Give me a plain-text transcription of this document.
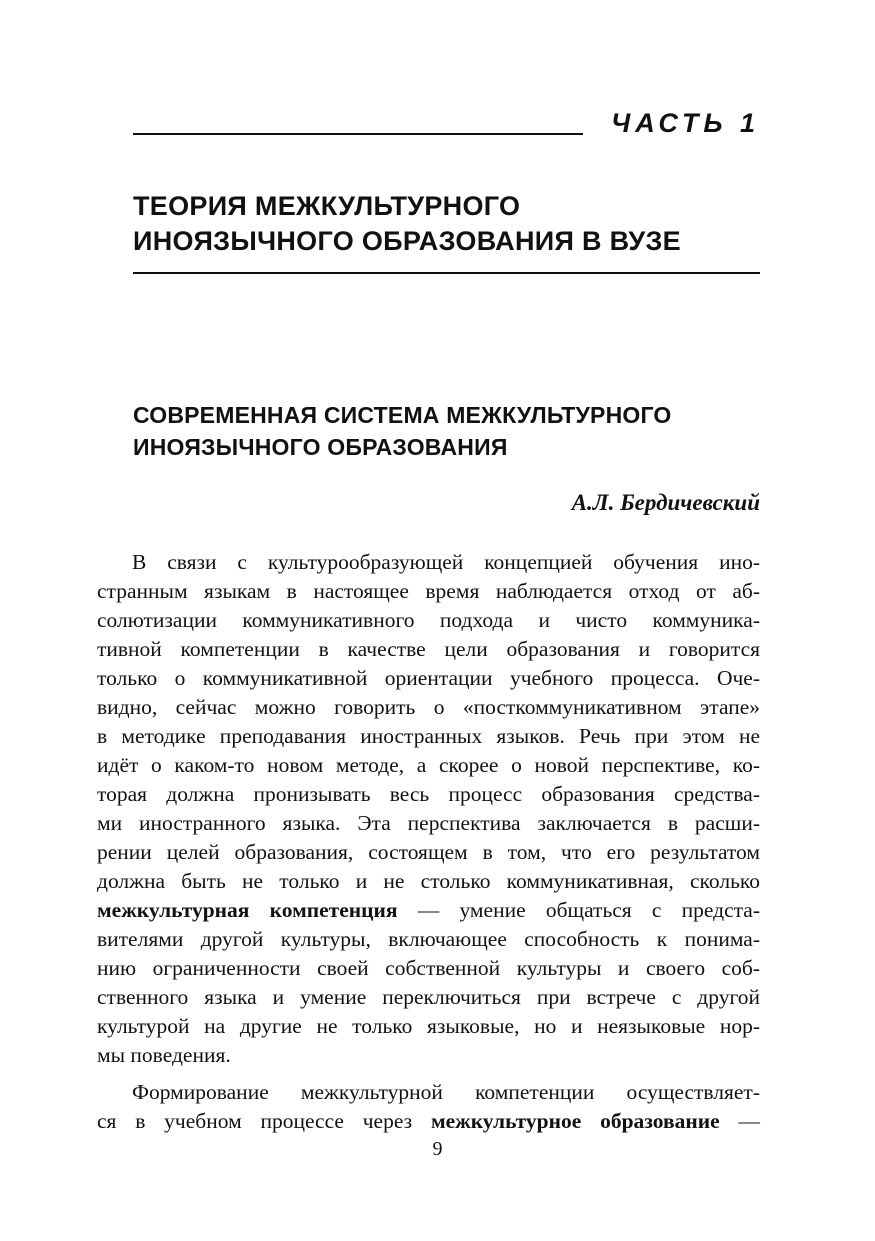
ЧАСТЬ 1
ТЕОРИЯ МЕЖКУЛЬТУРНОГО
ИНОЯЗЫЧНОГО ОБРАЗОВАНИЯ В ВУЗЕ
СОВРЕМЕННАЯ СИСТЕМА МЕЖКУЛЬТУРНОГО
ИНОЯЗЫЧНОГО ОБРАЗОВАНИЯ
А.Л. Бердичевский
В связи с культурообразующей концепцией обучения ино-
странным языкам в настоящее время наблюдается отход от аб-
солютизации коммуникативного подхода и чисто коммуника-
тивной компетенции в качестве цели образования и говорится
только о коммуникативной ориентации учебного процесса. Оче-
видно, сейчас можно говорить о «посткоммуникативном этапе»
в методике преподавания иностранных языков. Речь при этом не
идёт о каком-то новом методе, а скорее о новой перспективе, ко-
торая должна пронизывать весь процесс образования средства-
ми иностранного языка. Эта перспектива заключается в расши-
рении целей образования, состоящем в том, что его результатом
должна быть не только и не столько коммуникативная, сколько
межкультурная компетенция — умение общаться с предста-
вителями другой культуры, включающее способность к понима-
нию ограниченности своей собственной культуры и своего соб-
ственного языка и умение переключиться при встрече с другой
культурой на другие не только языковые, но и неязыковые нор-
мы поведения.
Формирование межкультурной компетенции осуществляет-
ся в учебном процессе через межкультурное образование —
9
